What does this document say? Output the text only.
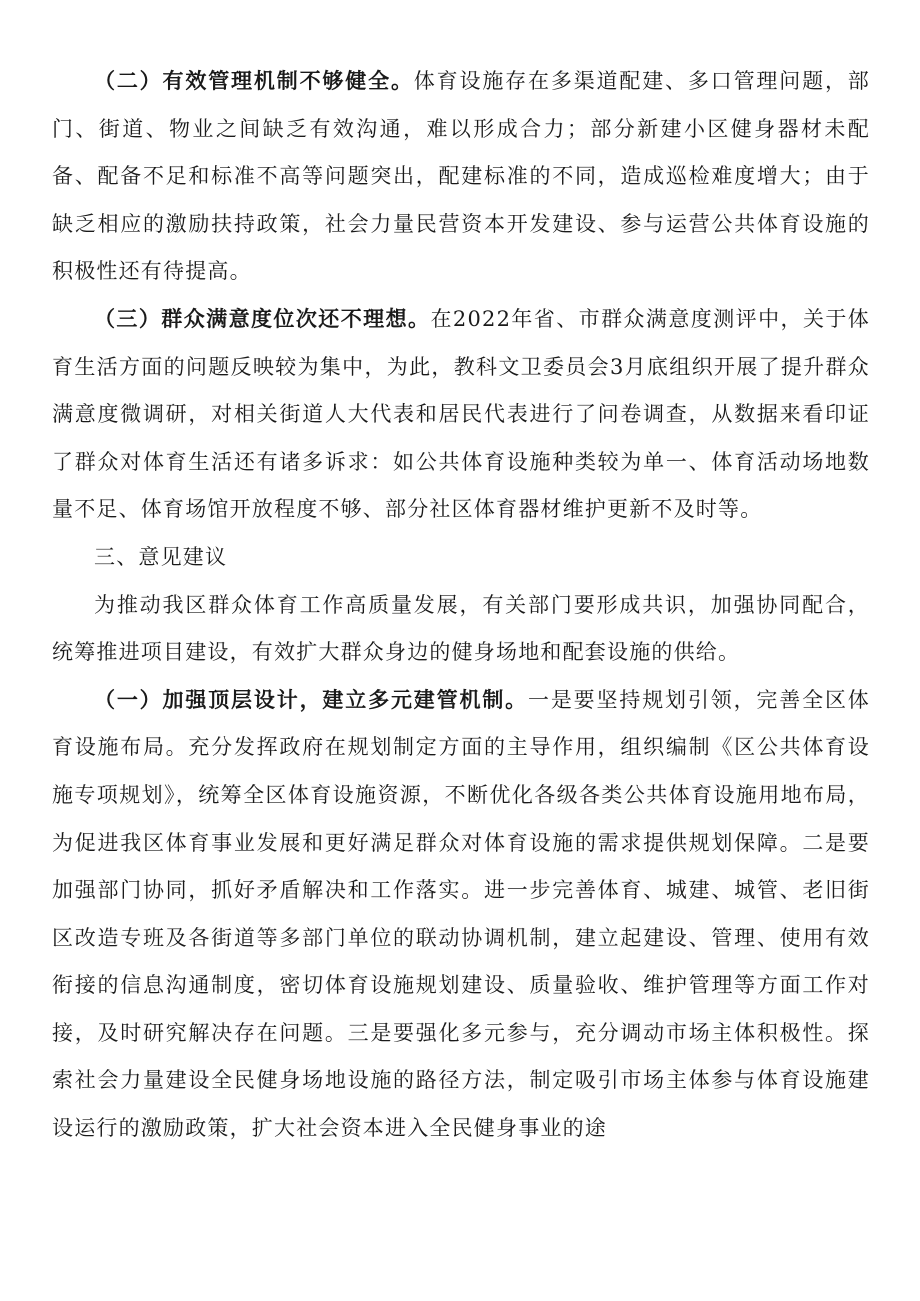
（二）有效管理机制不够健全。体育设施存在多渠道配建、多口管理问题，部门、街道、物业之间缺乏有效沟通，难以形成合力；部分新建小区健身器材未配备、配备不足和标准不高等问题突出，配建标准的不同，造成巡检难度增大；由于缺乏相应的激励扶持政策，社会力量民营资本开发建设、参与运营公共体育设施的积极性还有待提高。

（三）群众满意度位次还不理想。在2022年省、市群众满意度测评中，关于体育生活方面的问题反映较为集中，为此，教科文卫委员会3月底组织开展了提升群众满意度微调研，对相关街道人大代表和居民代表进行了问卷调查，从数据来看印证了群众对体育生活还有诸多诉求：如公共体育设施种类较为单一、体育活动场地数量不足、体育场馆开放程度不够、部分社区体育器材维护更新不及时等。

三、意见建议

为推动我区群众体育工作高质量发展，有关部门要形成共识，加强协同配合，统筹推进项目建设，有效扩大群众身边的健身场地和配套设施的供给。

（一）加强顶层设计，建立多元建管机制。一是要坚持规划引领，完善全区体育设施布局。充分发挥政府在规划制定方面的主导作用，组织编制《区公共体育设施专项规划》，统筹全区体育设施资源，不断优化各级各类公共体育设施用地布局，为促进我区体育事业发展和更好满足群众对体育设施的需求提供规划保障。二是要加强部门协同，抓好矛盾解决和工作落实。进一步完善体育、城建、城管、老旧街区改造专班及各街道等多部门单位的联动协调机制，建立起建设、管理、使用有效衔接的信息沟通制度，密切体育设施规划建设、质量验收、维护管理等方面工作对接，及时研究解决存在问题。三是要强化多元参与，充分调动市场主体积极性。探索社会力量建设全民健身场地设施的路径方法，制定吸引市场主体参与体育设施建设运行的激励政策，扩大社会资本进入全民健身事业的途
